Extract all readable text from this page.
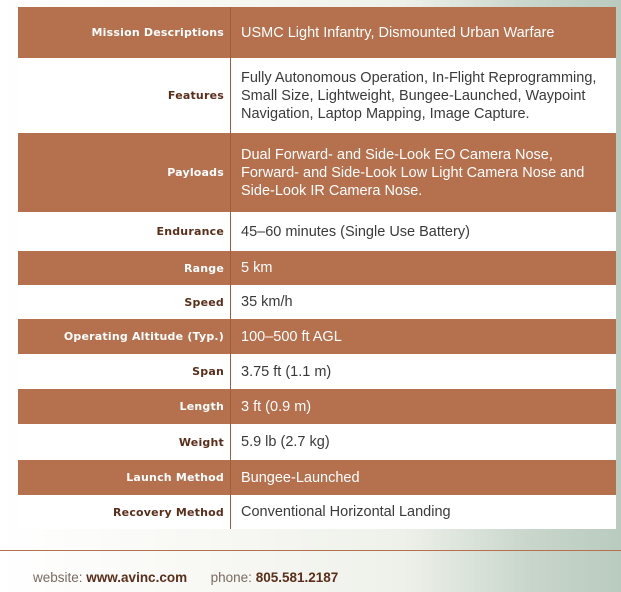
Mission Descriptions	USMC Light Infantry, Dismounted Urban Warfare
Features	Fully Autonomous Operation, In-Flight Reprogramming, Small Size, Lightweight, Bungee-Launched, Waypoint Navigation, Laptop Mapping, Image Capture.
Payloads	Dual Forward- and Side-Look EO Camera Nose, Forward- and Side-Look Low Light Camera Nose and Side-Look IR Camera Nose.
Endurance	45–60 minutes (Single Use Battery)
Range	5 km
Speed	35 km/h
Operating Altitude (Typ.)	100–500 ft AGL
Span	3.75 ft (1.1 m)
Length	3 ft (0.9 m)
Weight	5.9 lb (2.7 kg)
Launch Method	Bungee-Launched
Recovery Method	Conventional Horizontal Landing
website: www.avinc.com phone: 805.581.2187
